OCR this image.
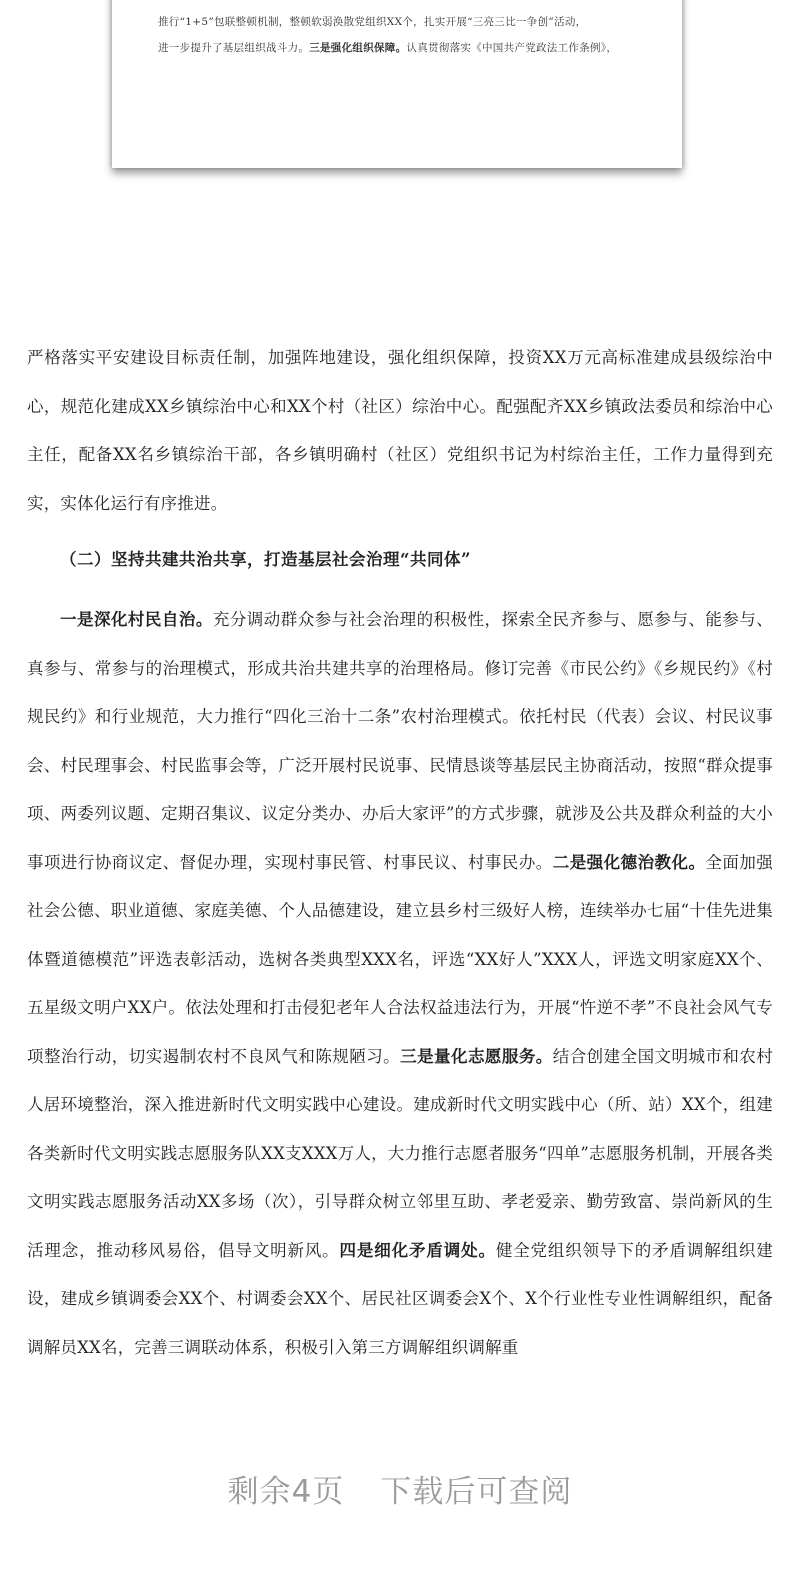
推行“1+5”包联整顿机制，整顿软弱涣散党组织XX个，扎实开展“三亮三比一争创”活动，
进一步提升了基层组织战斗力。三是强化组织保障。认真贯彻落实《中国共产党政法工作条例》，

严格落实平安建设目标责任制，加强阵地建设，强化组织保障，投资XX万元高标准建成县级综治中心，规范化建成XX乡镇综治中心和XX个村（社区）综治中心。配强配齐XX乡镇政法委员和综治中心主任，配备XX名乡镇综治干部，各乡镇明确村（社区）党组织书记为村综治主任，工作力量得到充实，实体化运行有序推进。

（二）坚持共建共治共享，打造基层社会治理“共同体”

一是深化村民自治。充分调动群众参与社会治理的积极性，探索全民齐参与、愿参与、能参与、真参与、常参与的治理模式，形成共治共建共享的治理格局。修订完善《市民公约》《乡规民约》《村规民约》和行业规范，大力推行“四化三治十二条”农村治理模式。依托村民（代表）会议、村民议事会、村民理事会、村民监事会等，广泛开展村民说事、民情恳谈等基层民主协商活动，按照“群众提事项、两委列议题、定期召集议、议定分类办、办后大家评”的方式步骤，就涉及公共及群众利益的大小事项进行协商议定、督促办理，实现村事民管、村事民议、村事民办。二是强化德治教化。全面加强社会公德、职业道德、家庭美德、个人品德建设，建立县乡村三级好人榜，连续举办七届“十佳先进集体暨道德模范”评选表彰活动，选树各类典型XXX名，评选“XX好人”XXX人，评选文明家庭XX个、五星级文明户XX户。依法处理和打击侵犯老年人合法权益违法行为，开展“忤逆不孝”不良社会风气专项整治行动，切实遏制农村不良风气和陈规陋习。三是量化志愿服务。结合创建全国文明城市和农村人居环境整治，深入推进新时代文明实践中心建设。建成新时代文明实践中心（所、站）XX个，组建各类新时代文明实践志愿服务队XX支XXX万人，大力推行志愿者服务“四单”志愿服务机制，开展各类文明实践志愿服务活动XX多场（次），引导群众树立邻里互助、孝老爱亲、勤劳致富、崇尚新风的生活理念，推动移风易俗，倡导文明新风。四是细化矛盾调处。健全党组织领导下的矛盾调解组织建设，建成乡镇调委会XX个、村调委会XX个、居民社区调委会X个、X个行业性专业性调解组织，配备调解员XX名，完善三调联动体系，积极引入第三方调解组织调解重

剩余4页 下载后可查阅
